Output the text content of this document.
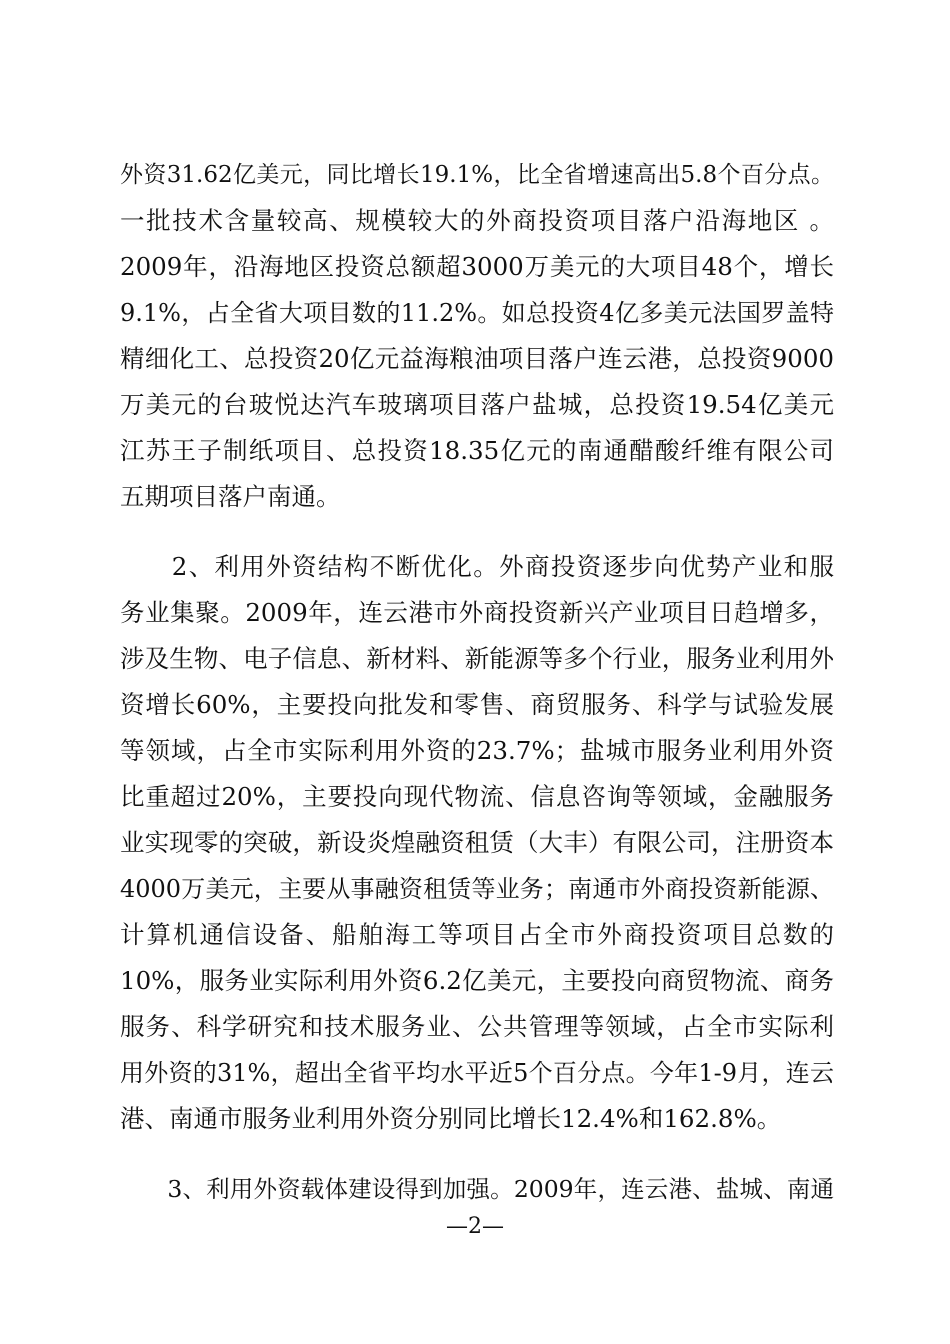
外资31.62亿美元，同比增长19.1%，比全省增速高出5.8个百分点。
一批技术含量较高、规模较大的外商投资项目落户沿海地区 。
2009年，沿海地区投资总额超3000万美元的大项目48个，增长
9.1%，占全省大项目数的11.2%。如总投资4亿多美元法国罗盖特
精细化工、总投资20亿元益海粮油项目落户连云港，总投资9000
万美元的台玻悦达汽车玻璃项目落户盐城，总投资19.54亿美元
江苏王子制纸项目、总投资18.35亿元的南通醋酸纤维有限公司
五期项目落户南通。
　　2、利用外资结构不断优化。外商投资逐步向优势产业和服
务业集聚。2009年，连云港市外商投资新兴产业项目日趋增多，
涉及生物、电子信息、新材料、新能源等多个行业，服务业利用外
资增长60%，主要投向批发和零售、商贸服务、科学与试验发展
等领域，占全市实际利用外资的23.7%；盐城市服务业利用外资
比重超过20%，主要投向现代物流、信息咨询等领域，金融服务
业实现零的突破，新设炎煌融资租赁（大丰）有限公司，注册资本
4000万美元，主要从事融资租赁等业务；南通市外商投资新能源、
计算机通信设备、船舶海工等项目占全市外商投资项目总数的
10%，服务业实际利用外资6.2亿美元，主要投向商贸物流、商务
服务、科学研究和技术服务业、公共管理等领域，占全市实际利
用外资的31%，超出全省平均水平近5个百分点。今年1-9月，连云
港、南通市服务业利用外资分别同比增长12.4%和162.8%。
　　3、利用外资载体建设得到加强。2009年，连云港、盐城、南通
—2—
